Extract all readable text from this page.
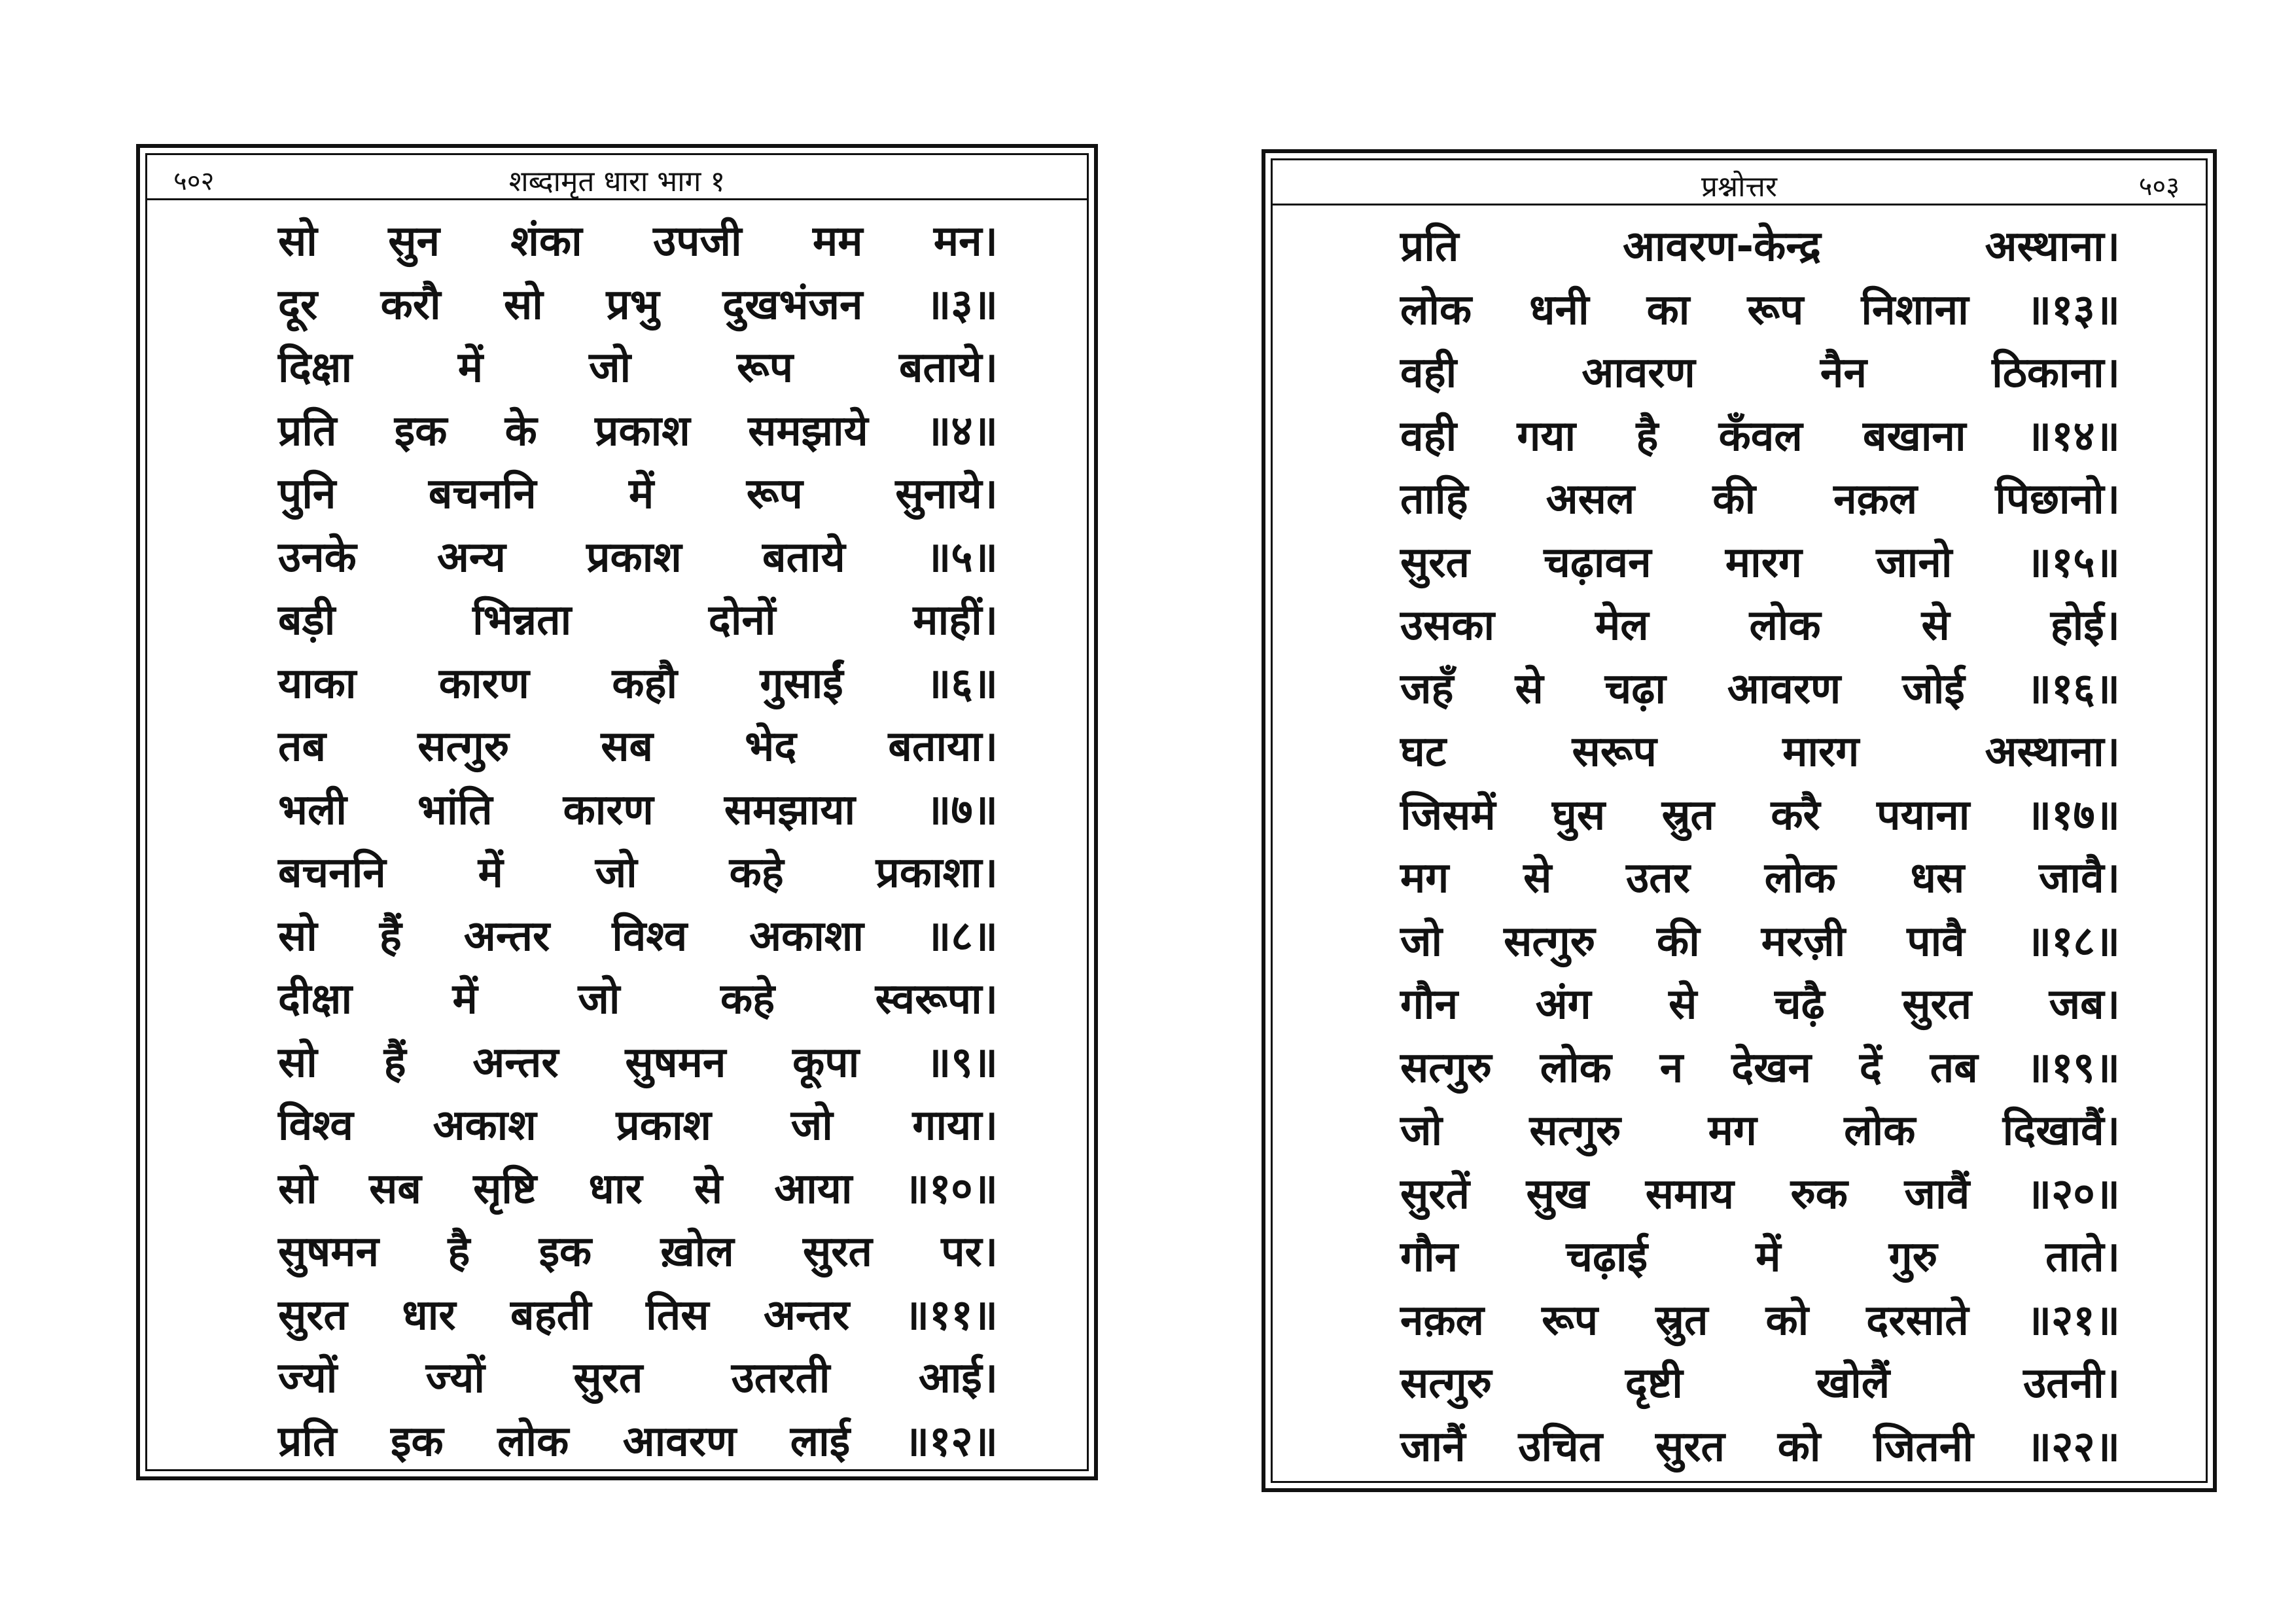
५०२	शब्दामृत धारा भाग १
सो सुन शंका उपजी मम मन।
दूर करौ सो प्रभु दुखभंजन ॥३॥
दिक्षा	में	जो	रूप	बताये।
प्रति इक के प्रकाश समझाये ॥४॥
पुनि बचननि में रूप सुनाये।
उनके अन्य प्रकाश बताये ॥५॥
बड़ी	भिन्नता	दोनों	माहीं।
याका कारण कहौ गुसाईं ॥६॥
तब सत्गुरु सब भेद बताया।
भली भांति कारण समझाया ॥७॥
बचननि में जो कहे प्रकाशा।
सो हैं अन्तर विश्व अकाशा ॥८॥
दीक्षा में जो कहे स्वरूपा।
सो हैं अन्तर सुषमन कूपा ॥९॥
विश्व अकाश प्रकाश जो गाया।
सो सब सृष्टि धार से आया ॥१०॥
सुषमन है इक ख़ोल सुरत पर।
सुरत धार बहती तिस अन्तर ॥११॥
ज्यों ज्यों सुरत उतरती आई।
प्रति इक लोक आवरण लाई ॥१२॥
प्रश्नोत्तर	५०३
प्रति	आवरण-केन्द्र	अस्थाना।
लोक धनी का रूप निशाना ॥१३॥
वही	आवरण	नैन	ठिकाना।
वही गया है कँवल बखाना ॥१४॥
ताहि असल की नक़ल पिछानो।
सुरत चढ़ावन मारग जानो ॥१५॥
उसका मेल लोक से होई।
जहँ से चढ़ा आवरण जोई ॥१६॥
घट	सरूप	मारग	अस्थाना।
जिसमें घुस स्रुत करै पयाना ॥१७॥
मग से उतर लोक धस जावै।
जो सत्गुरु की मरज़ी पावै ॥१८॥
गौन अंग से चढ़ै सुरत जब।
सत्गुरु लोक न देखन दें तब ॥१९॥
जो सत्गुरु मग लोक दिखावैं।
सुरतें सुख समाय रुक जावैं ॥२०॥
गौन	चढ़ाई	में	गुरु	ताते।
नक़ल रूप स्रुत को दरसाते ॥२१॥
सत्गुरु	दृष्टी	खोलैं	उतनी।
जानैं उचित सुरत को जितनी ॥२२॥
